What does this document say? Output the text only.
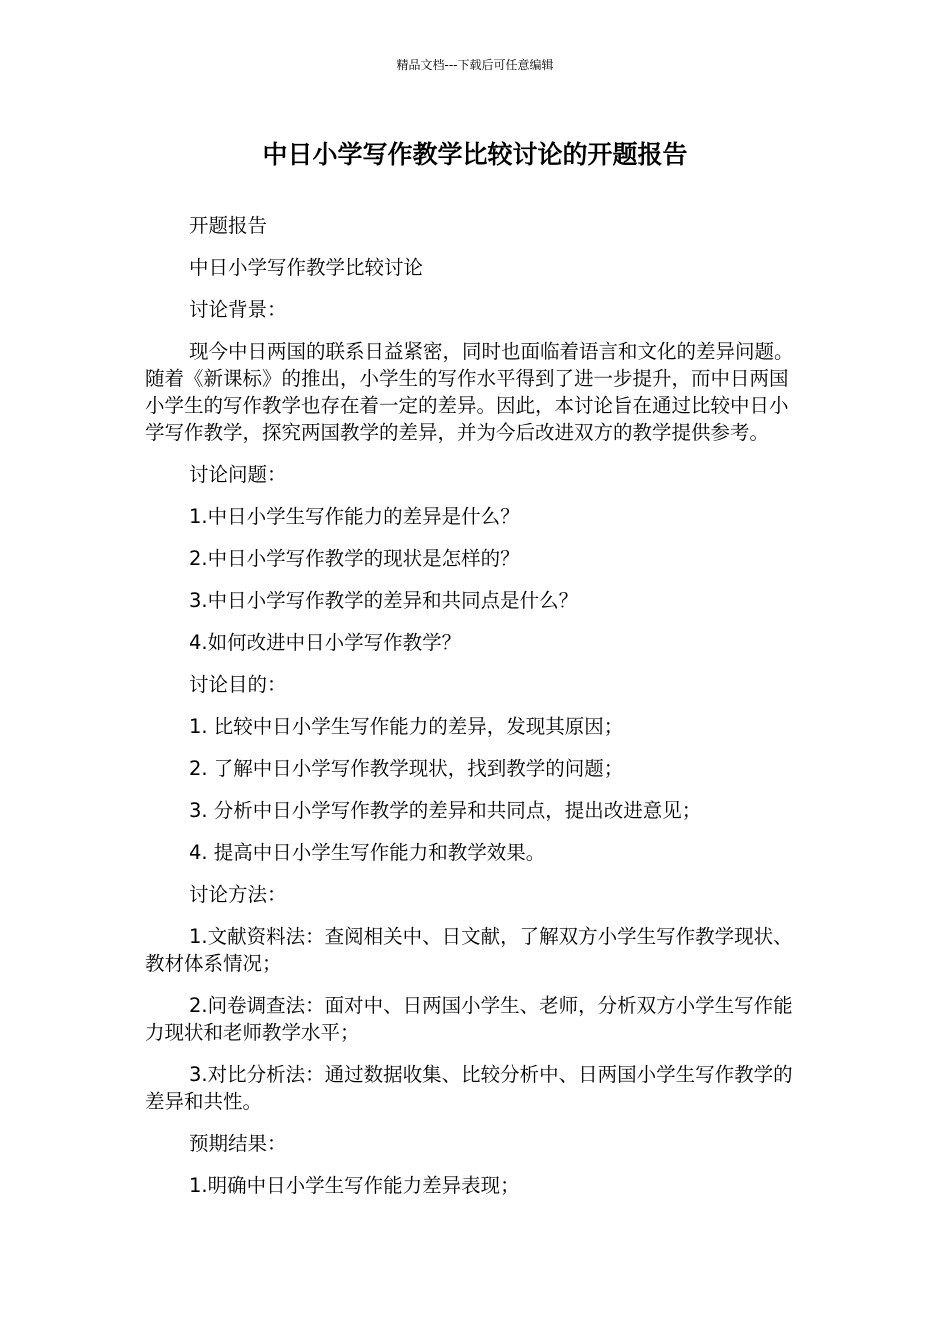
精品文档---下载后可任意编辑
中日小学写作教学比较讨论的开题报告

开题报告

中日小学写作教学比较讨论

讨论背景：

现今中日两国的联系日益紧密，同时也面临着语言和文化的差异问题。随着《新课标》的推出，小学生的写作水平得到了进一步提升，而中日两国小学生的写作教学也存在着一定的差异。因此，本讨论旨在通过比较中日小学写作教学，探究两国教学的差异，并为今后改进双方的教学提供参考。

讨论问题：

1.中日小学生写作能力的差异是什么？

2.中日小学写作教学的现状是怎样的？

3.中日小学写作教学的差异和共同点是什么？

4.如何改进中日小学写作教学？

讨论目的：

1. 比较中日小学生写作能力的差异，发现其原因；

2. 了解中日小学写作教学现状，找到教学的问题；

3. 分析中日小学写作教学的差异和共同点，提出改进意见；

4. 提高中日小学生写作能力和教学效果。

讨论方法：

1.文献资料法：查阅相关中、日文献，了解双方小学生写作教学现状、教材体系情况；

2.问卷调查法：面对中、日两国小学生、老师，分析双方小学生写作能力现状和老师教学水平；

3.对比分析法：通过数据收集、比较分析中、日两国小学生写作教学的差异和共性。

预期结果：

1.明确中日小学生写作能力差异表现；
